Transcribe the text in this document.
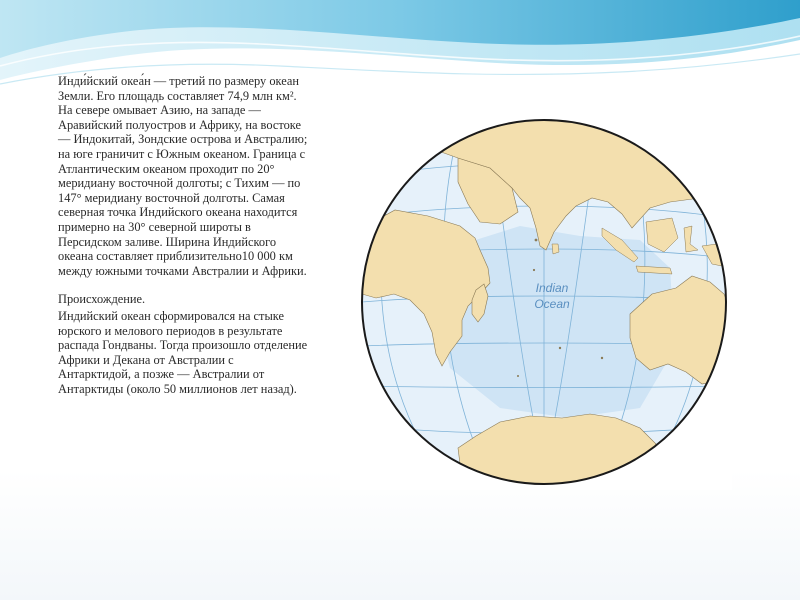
Инди́йский океа́н — третий по размеру океан Земли. Его площадь составляет 74,9 млн км². На севере омывает Азию, на западе — Аравийский полуостров и Африку, на востоке — Индокитай, Зондские острова и Австралию; на юге граничит с Южным океаном. Граница с Атлантическим океаном проходит по 20° меридиану восточной долготы; с Тихим — по 147° меридиану восточной долготы. Самая северная точка Индийского океана находится примерно на 30° северной широты в Персидском заливе. Ширина Индийского океана составляет приблизительно10 000 км между южными точками Австралии и Африки.

Происхождение.

Индийский океан сформировался на стыке юрского и мелового периодов в результате распада Гондваны. Тогда произошло отделение Африки и Декана от Австралии с Антарктидой, а позже — Австралии от Антарктиды (около 50 миллионов лет назад).

Indian
Ocean
